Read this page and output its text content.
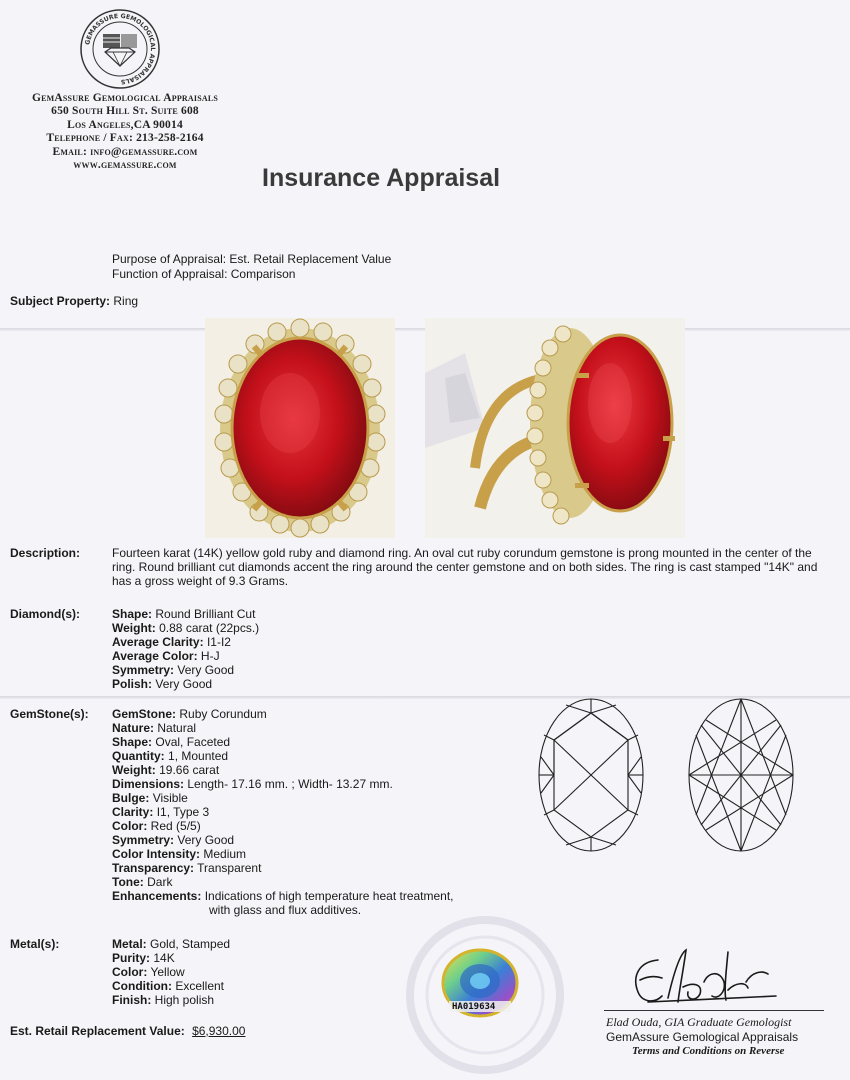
GEMASSURE GEMOLOGICAL APPRAISALS
GemAssure Gemological Appraisals
650 South Hill St. Suite 608
Los Angeles,CA 90014
Telephone / Fax: 213-258-2164
Email: info@gemassure.com
www.gemassure.com	Insurance Appraisal
Purpose of Appraisal: Est. Retail Replacement Value
Function of Appraisal: Comparison
Subject Property: Ring
Description:	Fourteen karat (14K) yellow gold ruby and diamond ring. An oval cut ruby corundum gemstone is prong mounted in the center of the ring. Round brilliant cut diamonds accent the ring around the center gemstone and on both sides. The ring is cast stamped "14K" and has a gross weight of 9.3 Grams.
Diamond(s):	Shape: Round Brilliant Cut
Weight: 0.88 carat (22pcs.)
Average Clarity: I1-I2
Average Color: H-J
Symmetry: Very Good
Polish: Very Good
GemStone(s): GemStone: Ruby Corundum
Nature: Natural
Shape: Oval, Faceted
Quantity: 1, Mounted
Weight: 19.66 carat
Dimensions: Length- 17.16 mm. ; Width- 13.27 mm.
Bulge: Visible
Clarity: I1, Type 3
Color: Red (5/5)
Symmetry: Very Good
Color Intensity: Medium
Transparency: Transparent
Tone: Dark
Enhancements: Indications of high temperature heat treatment,
with glass and flux additives.
Metal(s):	Metal: Gold, Stamped
Purity: 14K
Color: Yellow
Condition: Excellent
Finish: High polish
Est. Retail Replacement Value: $6,930.00
HA019634
Elad Ouda, GIA Graduate Gemologist
GemAssure Gemological Appraisals
Terms and Conditions on Reverse
